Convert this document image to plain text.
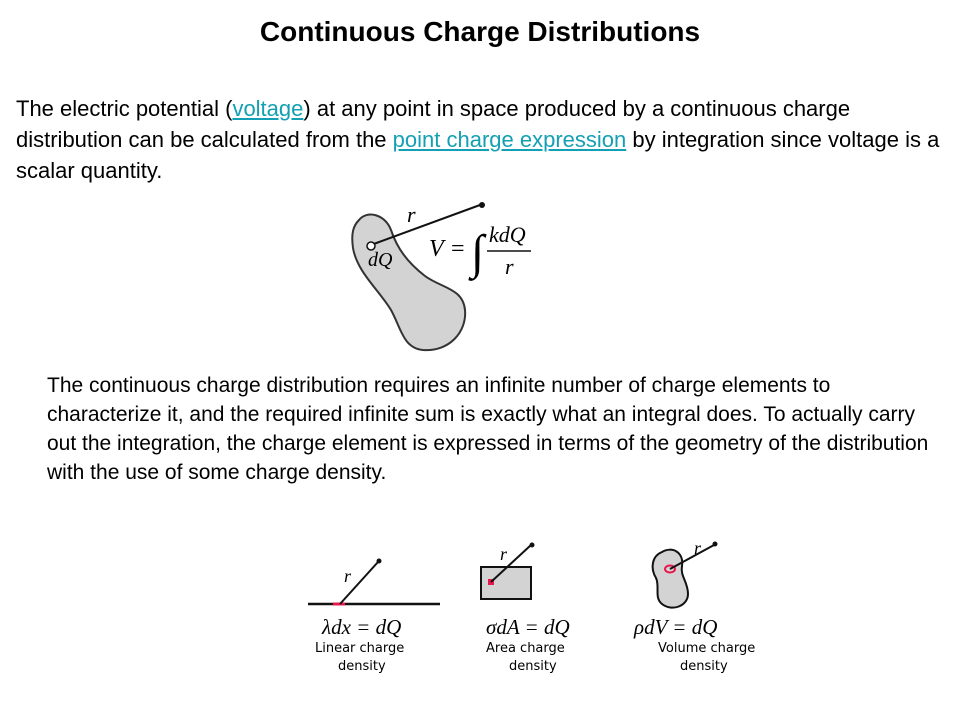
Continuous Charge Distributions
The electric potential (voltage) at any point in space produced by a continuous charge distribution can be calculated from the point charge expression by integration since voltage is a scalar quantity.
r
dQ V = ∫ kdQ
r
The continuous charge distribution requires an infinite number of charge elements to characterize it, and the required infinite sum is exactly what an integral does. To actually carry out the integration, the charge element is expressed in terms of the geometry of the distribution with the use of some charge density.
r
λdx = dQ
Linear charge
density
r
σdA = dQ
Area charge
density
r
ρdV = dQ
Volume charge
density
